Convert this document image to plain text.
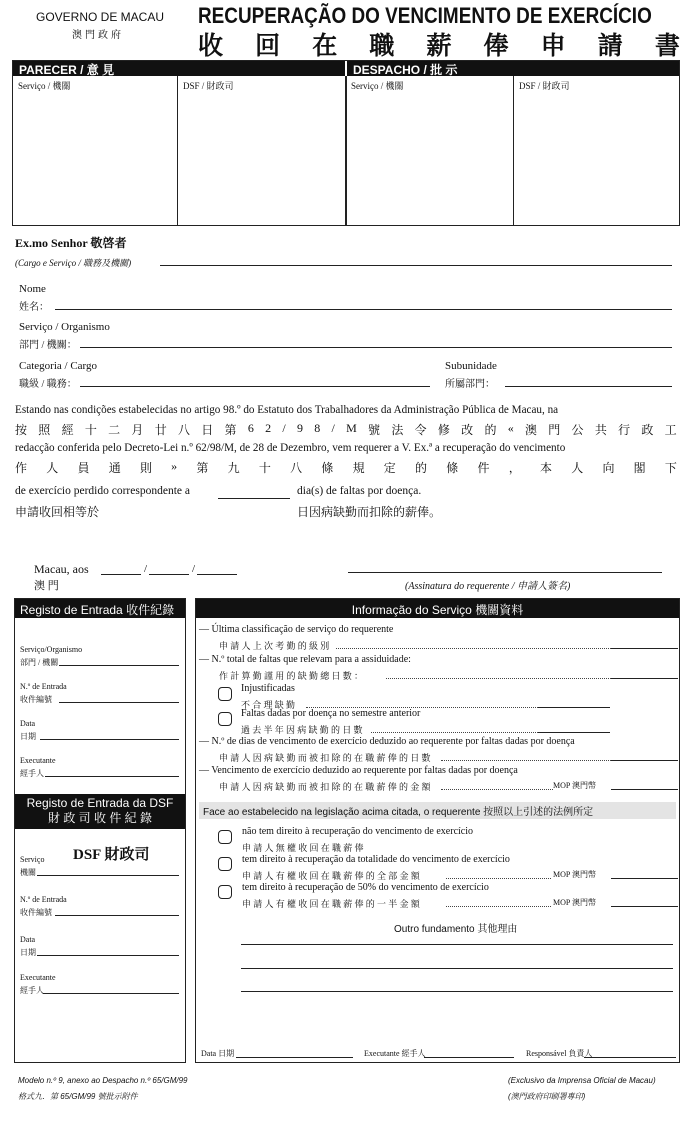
GOVERNO DE MACAU
澳門政府
RECUPERAÇÃO DO VENCIMENTO DE EXERCÍCIO
收 回 在 職 薪 俸 申 請 書
PARECER / 意 見	DESPACHO / 批 示
Serviço / 機關	DSF / 財政司	Serviço / 機關	DSF / 財政司
Ex.mo Senhor 敬啓者
(Cargo e Serviço / 職務及機關)
Nome
姓名：
Serviço / Organismo
部門 / 機關：
Categoria / Cargo
職級 / 職務：
Subunidade
所屬部門：
Estando nas condições estabelecidas no artigo 98.º do Estatuto dos Trabalhadores da Administração Pública de Macau, na
按 照 經 十 二 月 廿 八 日 第 6 2 / 9 8 / M 號 法 令 修 改 的 « 澳 門 公 共 行 政 工
redacção conferida pelo Decreto-Lei n.º 62/98/M, de 28 de Dezembro, vem requerer a V. Ex.ª a recuperação do vencimento
作 人 員 通 則 » 第 九 十 八 條 規 定 的 條 件 ， 本 人 向 閣 下
de exercício perdido correspondente a	dia(s) de faltas por doença.
申請收回相等於	日因病缺勤而扣除的薪俸。
Macau, aos	/	/
澳 門	(Assinatura do requerente / 申請人簽名)
Registo de Entrada 收件紀錄
Serviço/Organismo
部門 / 機關
N.º de Entrada
收件編號
Data
日期
Executante
經手人
Registo de Entrada da DSF
財 政 司 收 件 紀 錄
DSF 財政司
Serviço
機關
N.º de Entrada
收件編號
Data
日期
Executante
經手人
Informação do Serviço 機關資料
— Última classificação de serviço do requerente
申 請 人 上 次 考 勤 的 級 別
— N.º total de faltas que relevam para a assiduidade:
作 計 算 勤 謹 用 的 缺 勤 總 日 數 ：
Injustificadas
不 合 理 缺 勤
Faltas dadas por doença no semestre anterior
過 去 半 年 因 病 缺 勤 的 日 數
— N.º de dias de vencimento de exercício deduzido ao requerente por faltas dadas por doença
申 請 人 因 病 缺 勤 而 被 扣 除 的 在 職 薪 俸 的 日 數
— Vencimento de exercício deduzido ao requerente por faltas dadas por doença
申 請 人 因 病 缺 勤 而 被 扣 除 的 在 職 薪 俸 的 金 額	MOP 澳門幣
Face ao estabelecido na legislação acima citada, o requerente 按照以上引述的法例所定
não tem direito à recuperação do vencimento de exercício
申 請 人 無 權 收 回 在 職 薪 俸
tem direito à recuperação da totalidade do vencimento de exercício
申 請 人 有 權 收 回 在 職 薪 俸 的 全 部 金 額	MOP 澳門幣
tem direito à recuperação de 50% do vencimento de exercício
申 請 人 有 權 收 回 在 職 薪 俸 的 一 半 金 額	MOP 澳門幣
Outro fundamento 其他理由
Data 日期	Executante 經手人	Responsável 負責人
Modelo n.º 9, anexo ao Despacho n.º 65/GM/99
格式九．第 65/GM/99 號批示附件
(Exclusivo da Imprensa Oficial de Macau)
(澳門政府印刷署專印)
